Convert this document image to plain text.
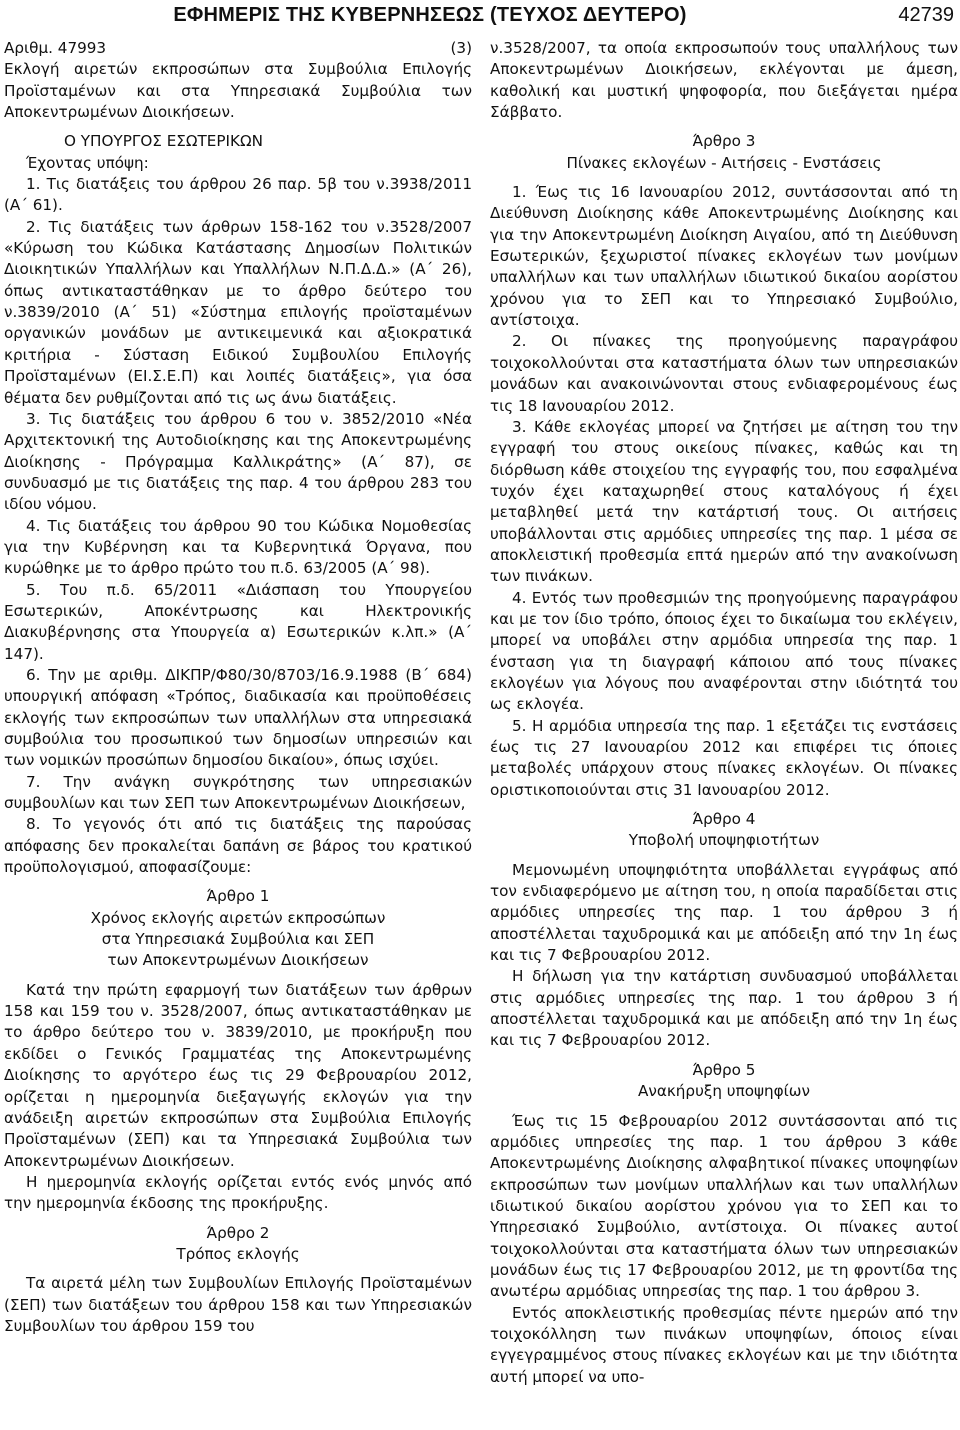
ΕΦΗΜΕΡΙΣ ΤΗΣ ΚΥΒΕΡΝΗΣΕΩΣ (ΤΕΥΧΟΣ ΔΕΥΤΕΡΟ)	42739

Αριθμ. 47993	(3)

Εκλογή αιρετών εκπροσώπων στα Συμβούλια Επιλογής Προϊσταμένων και στα Υπηρεσιακά Συμβούλια των Αποκεντρωμένων Διοικήσεων.

Ο ΥΠΟΥΡΓΟΣ ΕΣΩΤΕΡΙΚΩΝ

Έχοντας υπόψη:

1. Τις διατάξεις του άρθρου 26 παρ. 5β του ν.3938/2011 (Α΄ 61).

2. Τις διατάξεις των άρθρων 158-162 του ν.3528/2007 «Κύρωση του Κώδικα Κατάστασης Δημοσίων Πολιτικών Διοικητικών Υπαλλήλων και Υπαλλήλων Ν.Π.Δ.Δ.» (Α΄ 26), όπως αντικαταστάθηκαν με το άρθρο δεύτερο του ν.3839/2010 (Α΄ 51) «Σύστημα επιλογής προϊσταμένων οργανικών μονάδων με αντικειμενικά και αξιοκρατικά κριτήρια - Σύσταση Ειδικού Συμβουλίου Επιλογής Προϊσταμένων (ΕΙ.Σ.Ε.Π) και λοιπές διατάξεις», για όσα θέματα δεν ρυθμίζονται από τις ως άνω διατάξεις.

3. Τις διατάξεις του άρθρου 6 του ν. 3852/2010 «Νέα Αρχιτεκτονική της Αυτοδιοίκησης και της Αποκεντρωμένης Διοίκησης - Πρόγραμμα Καλλικράτης» (Α΄ 87), σε συνδυασμό με τις διατάξεις της παρ. 4 του άρθρου 283 του ιδίου νόμου.

4. Τις διατάξεις του άρθρου 90 του Κώδικα Νομοθεσίας για την Κυβέρνηση και τα Κυβερνητικά Όργανα, που κυρώθηκε με το άρθρο πρώτο του π.δ. 63/2005 (Α΄ 98).

5. Του π.δ. 65/2011 «Διάσπαση του Υπουργείου Εσωτερικών, Αποκέντρωσης και Ηλεκτρονικής Διακυβέρνησης στα Υπουργεία α) Εσωτερικών κ.λπ.» (Α΄ 147).

6. Την με αριθμ. ΔΙΚΠΡ/Φ80/30/8703/16.9.1988 (Β΄ 684) υπουργική απόφαση «Τρόπος, διαδικασία και προϋποθέσεις εκλογής των εκπροσώπων των υπαλλήλων στα υπηρεσιακά συμβούλια του προσωπικού των δημοσίων υπηρεσιών και των νομικών προσώπων δημοσίου δικαίου», όπως ισχύει.

7. Την ανάγκη συγκρότησης των υπηρεσιακών συμβουλίων και των ΣΕΠ των Αποκεντρωμένων Διοικήσεων,

8. Το γεγονός ότι από τις διατάξεις της παρούσας απόφασης δεν προκαλείται δαπάνη σε βάρος του κρατικού προϋπολογισμού, αποφασίζουμε:

Άρθρο 1

Χρόνος εκλογής αιρετών εκπροσώπων

στα Υπηρεσιακά Συμβούλια και ΣΕΠ

των Αποκεντρωμένων Διοικήσεων

Κατά την πρώτη εφαρμογή των διατάξεων των άρθρων 158 και 159 του ν. 3528/2007, όπως αντικαταστάθηκαν με το άρθρο δεύτερο του ν. 3839/2010, με προκήρυξη που εκδίδει ο Γενικός Γραμματέας της Αποκεντρωμένης Διοίκησης το αργότερο έως τις 29 Φεβρουαρίου 2012, ορίζεται η ημερομηνία διεξαγωγής εκλογών για την ανάδειξη αιρετών εκπροσώπων στα Συμβούλια Επιλογής Προϊσταμένων (ΣΕΠ) και τα Υπηρεσιακά Συμβούλια των Αποκεντρωμένων Διοικήσεων.

Η ημερομηνία εκλογής ορίζεται εντός ενός μηνός από την ημερομηνία έκδοσης της προκήρυξης.

Άρθρο 2

Τρόπος εκλογής

Τα αιρετά μέλη των Συμβουλίων Επιλογής Προϊσταμένων (ΣΕΠ) των διατάξεων του άρθρου 158 και των Υπηρεσιακών Συμβουλίων του άρθρου 159 του

ν.3528/2007, τα οποία εκπροσωπούν τους υπαλλήλους των Αποκεντρωμένων Διοικήσεων, εκλέγονται με άμεση, καθολική και μυστική ψηφοφορία, που διεξάγεται ημέρα Σάββατο.

Άρθρο 3

Πίνακες εκλογέων - Αιτήσεις - Ενστάσεις

1. Έως τις 16 Ιανουαρίου 2012, συντάσσονται από τη Διεύθυνση Διοίκησης κάθε Αποκεντρωμένης Διοίκησης και για την Αποκεντρωμένη Διοίκηση Αιγαίου, από τη Διεύθυνση Εσωτερικών, ξεχωριστοί πίνακες εκλογέων των μονίμων υπαλλήλων και των υπαλλήλων ιδιωτικού δικαίου αορίστου χρόνου για το ΣΕΠ και το Υπηρεσιακό Συμβούλιο, αντίστοιχα.

2. Οι πίνακες της προηγούμενης παραγράφου τοιχοκολλούνται στα καταστήματα όλων των υπηρεσιακών μονάδων και ανακοινώνονται στους ενδιαφερομένους έως τις 18 Ιανουαρίου 2012.

3. Κάθε εκλογέας μπορεί να ζητήσει με αίτηση του την εγγραφή του στους οικείους πίνακες, καθώς και τη διόρθωση κάθε στοιχείου της εγγραφής του, που εσφαλμένα τυχόν έχει καταχωρηθεί στους καταλόγους ή έχει μεταβληθεί μετά την κατάρτισή τους. Οι αιτήσεις υποβάλλονται στις αρμόδιες υπηρεσίες της παρ. 1 μέσα σε αποκλειστική προθεσμία επτά ημερών από την ανακοίνωση των πινάκων.

4. Εντός των προθεσμιών της προηγούμενης παραγράφου και με τον ίδιο τρόπο, όποιος έχει το δικαίωμα του εκλέγειν, μπορεί να υποβάλει στην αρμόδια υπηρεσία της παρ. 1 ένσταση για τη διαγραφή κάποιου από τους πίνακες εκλογέων για λόγους που αναφέρονται στην ιδιότητά του ως εκλογέα.

5. Η αρμόδια υπηρεσία της παρ. 1 εξετάζει τις ενστάσεις έως τις 27 Ιανουαρίου 2012 και επιφέρει τις όποιες μεταβολές υπάρχουν στους πίνακες εκλογέων. Οι πίνακες οριστικοποιούνται στις 31 Ιανουαρίου 2012.

Άρθρο 4

Υποβολή υποψηφιοτήτων

Μεμονωμένη υποψηφιότητα υποβάλλεται εγγράφως από τον ενδιαφερόμενο με αίτηση του, η οποία παραδίδεται στις αρμόδιες υπηρεσίες της παρ. 1 του άρθρου 3 ή αποστέλλεται ταχυδρομικά και με απόδειξη από την 1η έως και τις 7 Φεβρουαρίου 2012.

Η δήλωση για την κατάρτιση συνδυασμού υποβάλλεται στις αρμόδιες υπηρεσίες της παρ. 1 του άρθρου 3 ή αποστέλλεται ταχυδρομικά και με απόδειξη από την 1η έως και τις 7 Φεβρουαρίου 2012.

Άρθρο 5

Ανακήρυξη υποψηφίων

Έως τις 15 Φεβρουαρίου 2012 συντάσσονται από τις αρμόδιες υπηρεσίες της παρ. 1 του άρθρου 3 κάθε Αποκεντρωμένης Διοίκησης αλφαβητικοί πίνακες υποψηφίων εκπροσώπων των μονίμων υπαλλήλων και των υπαλλήλων ιδιωτικού δικαίου αορίστου χρόνου για το ΣΕΠ και το Υπηρεσιακό Συμβούλιο, αντίστοιχα. Οι πίνακες αυτοί τοιχοκολλούνται στα καταστήματα όλων των υπηρεσιακών μονάδων έως τις 17 Φεβρουαρίου 2012, με τη φροντίδα της ανωτέρω αρμόδιας υπηρεσίας της παρ. 1 του άρθρου 3.

Εντός αποκλειστικής προθεσμίας πέντε ημερών από την τοιχοκόλληση των πινάκων υποψηφίων, όποιος είναι εγγεγραμμένος στους πίνακες εκλογέων και με την ιδιότητα αυτή μπορεί να υπο-
